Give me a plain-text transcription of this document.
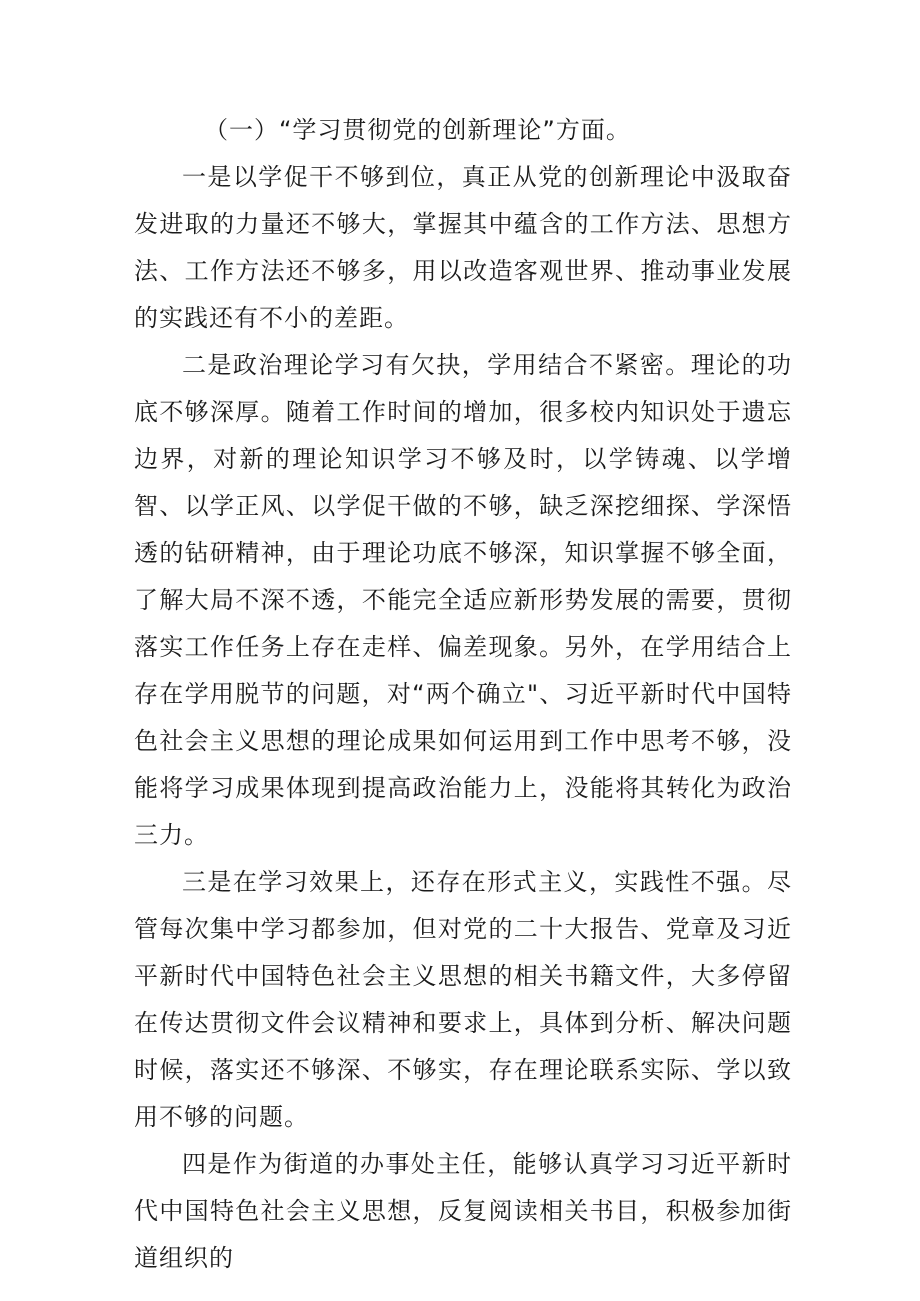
（一）“学习贯彻党的创新理论”方面。

一是以学促干不够到位，真正从党的创新理论中汲取奋发进取的力量还不够大，掌握其中蕴含的工作方法、思想方法、工作方法还不够多，用以改造客观世界、推动事业发展的实践还有不小的差距。

二是政治理论学习有欠抉，学用结合不紧密。理论的功底不够深厚。随着工作时间的增加，很多校内知识处于遗忘边界，对新的理论知识学习不够及时，以学铸魂、以学增智、以学正风、以学促干做的不够，缺乏深挖细探、学深悟透的钻研精神，由于理论功底不够深，知识掌握不够全面，了解大局不深不透，不能完全适应新形势发展的需要，贯彻落实工作任务上存在走样、偏差现象。另外，在学用结合上存在学用脱节的问题，对“两个确立"、习近平新时代中国特色社会主义思想的理论成果如何运用到工作中思考不够，没能将学习成果体现到提高政治能力上，没能将其转化为政治三力。

三是在学习效果上，还存在形式主义，实践性不强。尽管每次集中学习都参加，但对党的二十大报告、党章及习近平新时代中国特色社会主义思想的相关书籍文件，大多停留在传达贯彻文件会议精神和要求上，具体到分析、解决问题时候，落实还不够深、不够实，存在理论联系实际、学以致用不够的问题。

四是作为街道的办事处主任，能够认真学习习近平新时代中国特色社会主义思想，反复阅读相关书目，积极参加街道组织的
